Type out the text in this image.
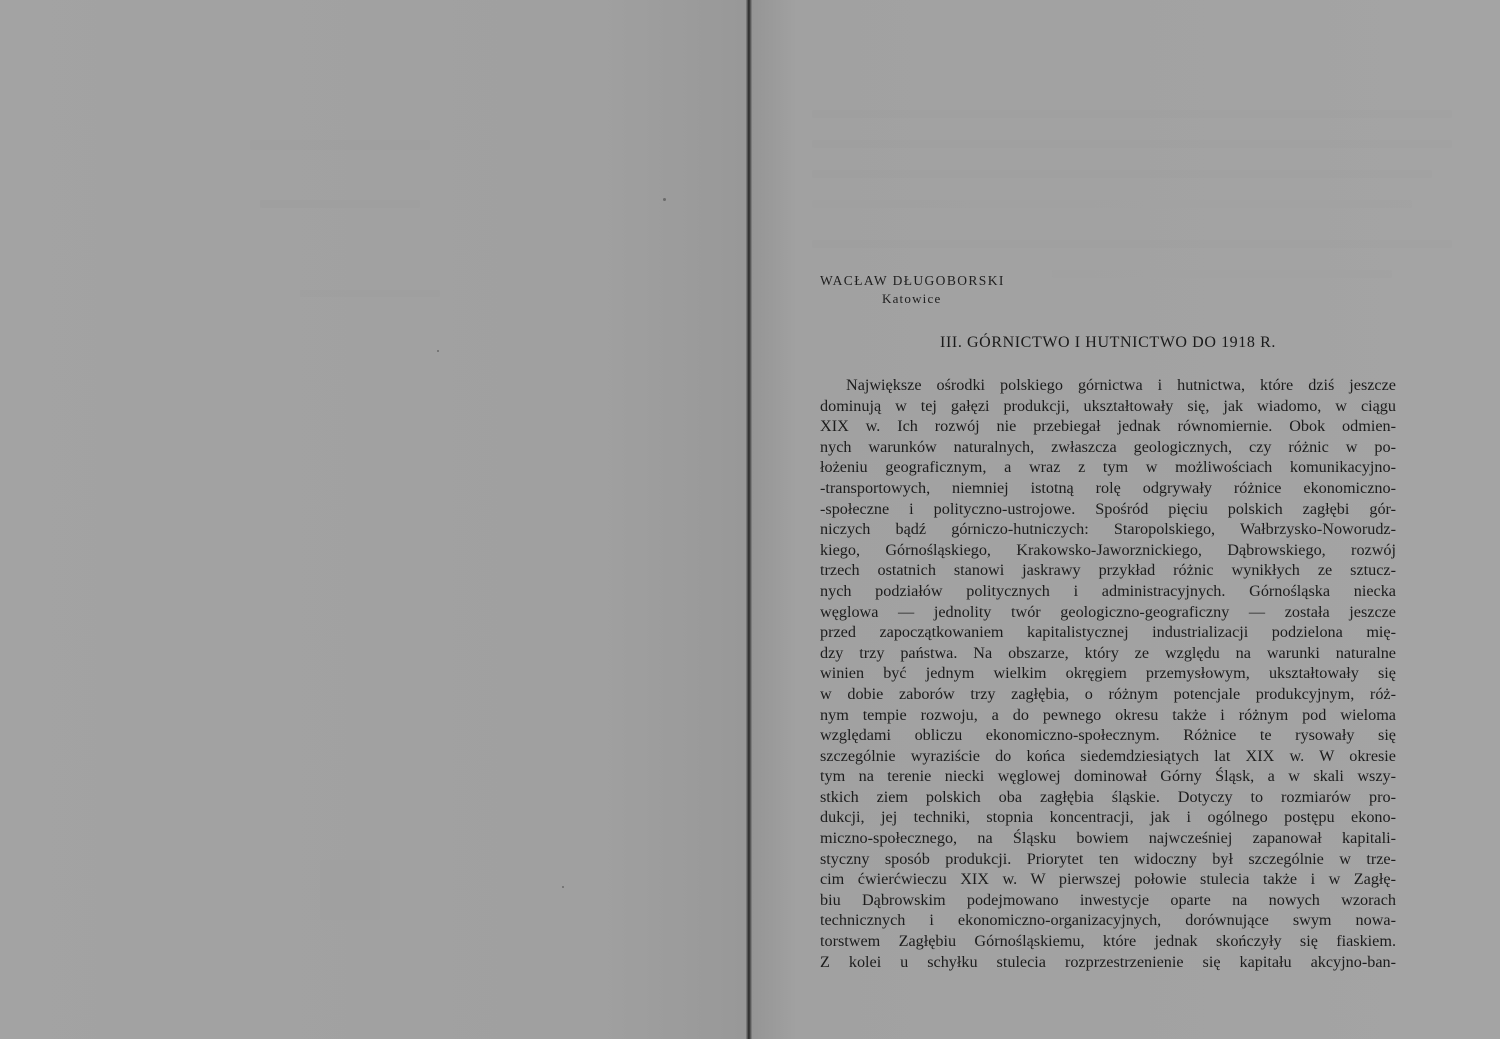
WACŁAW DŁUGOBORSKI
Katowice
III. GÓRNICTWO I HUTNICTWO DO 1918 R.
Największe ośrodki polskiego górnictwa i hutnictwa, które dziś jeszcze
dominują w tej gałęzi produkcji, ukształtowały się, jak wiadomo, w ciągu
XIX w. Ich rozwój nie przebiegał jednak równomiernie. Obok odmien-
nych warunków naturalnych, zwłaszcza geologicznych, czy różnic w po-
łożeniu geograficznym, a wraz z tym w możliwościach komunikacyjno-
-transportowych, niemniej istotną rolę odgrywały różnice ekonomiczno-
-społeczne i polityczno-ustrojowe. Spośród pięciu polskich zagłębi gór-
niczych bądź górniczo-hutniczych: Staropolskiego, Wałbrzysko-Noworudz-
kiego, Górnośląskiego, Krakowsko-Jaworznickiego, Dąbrowskiego, rozwój
trzech ostatnich stanowi jaskrawy przykład różnic wynikłych ze sztucz-
nych podziałów politycznych i administracyjnych. Górnośląska niecka
węglowa — jednolity twór geologiczno-geograficzny — została jeszcze
przed zapoczątkowaniem kapitalistycznej industrializacji podzielona mię-
dzy trzy państwa. Na obszarze, który ze względu na warunki naturalne
winien być jednym wielkim okręgiem przemysłowym, ukształtowały się
w dobie zaborów trzy zagłębia, o różnym potencjale produkcyjnym, róż-
nym tempie rozwoju, a do pewnego okresu także i różnym pod wieloma
względami obliczu ekonomiczno-społecznym. Różnice te rysowały się
szczególnie wyraziście do końca siedemdziesiątych lat XIX w. W okresie
tym na terenie niecki węglowej dominował Górny Śląsk, a w skali wszy-
stkich ziem polskich oba zagłębia śląskie. Dotyczy to rozmiarów pro-
dukcji, jej techniki, stopnia koncentracji, jak i ogólnego postępu ekono-
miczno-społecznego, na Śląsku bowiem najwcześniej zapanował kapitali-
styczny sposób produkcji. Priorytet ten widoczny był szczególnie w trze-
cim ćwierćwieczu XIX w. W pierwszej połowie stulecia także i w Zagłę-
biu Dąbrowskim podejmowano inwestycje oparte na nowych wzorach
technicznych i ekonomiczno-organizacyjnych, dorównujące swym nowa-
torstwem Zagłębiu Górnośląskiemu, które jednak skończyły się fiaskiem.
Z kolei u schyłku stulecia rozprzestrzenienie się kapitału akcyjno-ban-
